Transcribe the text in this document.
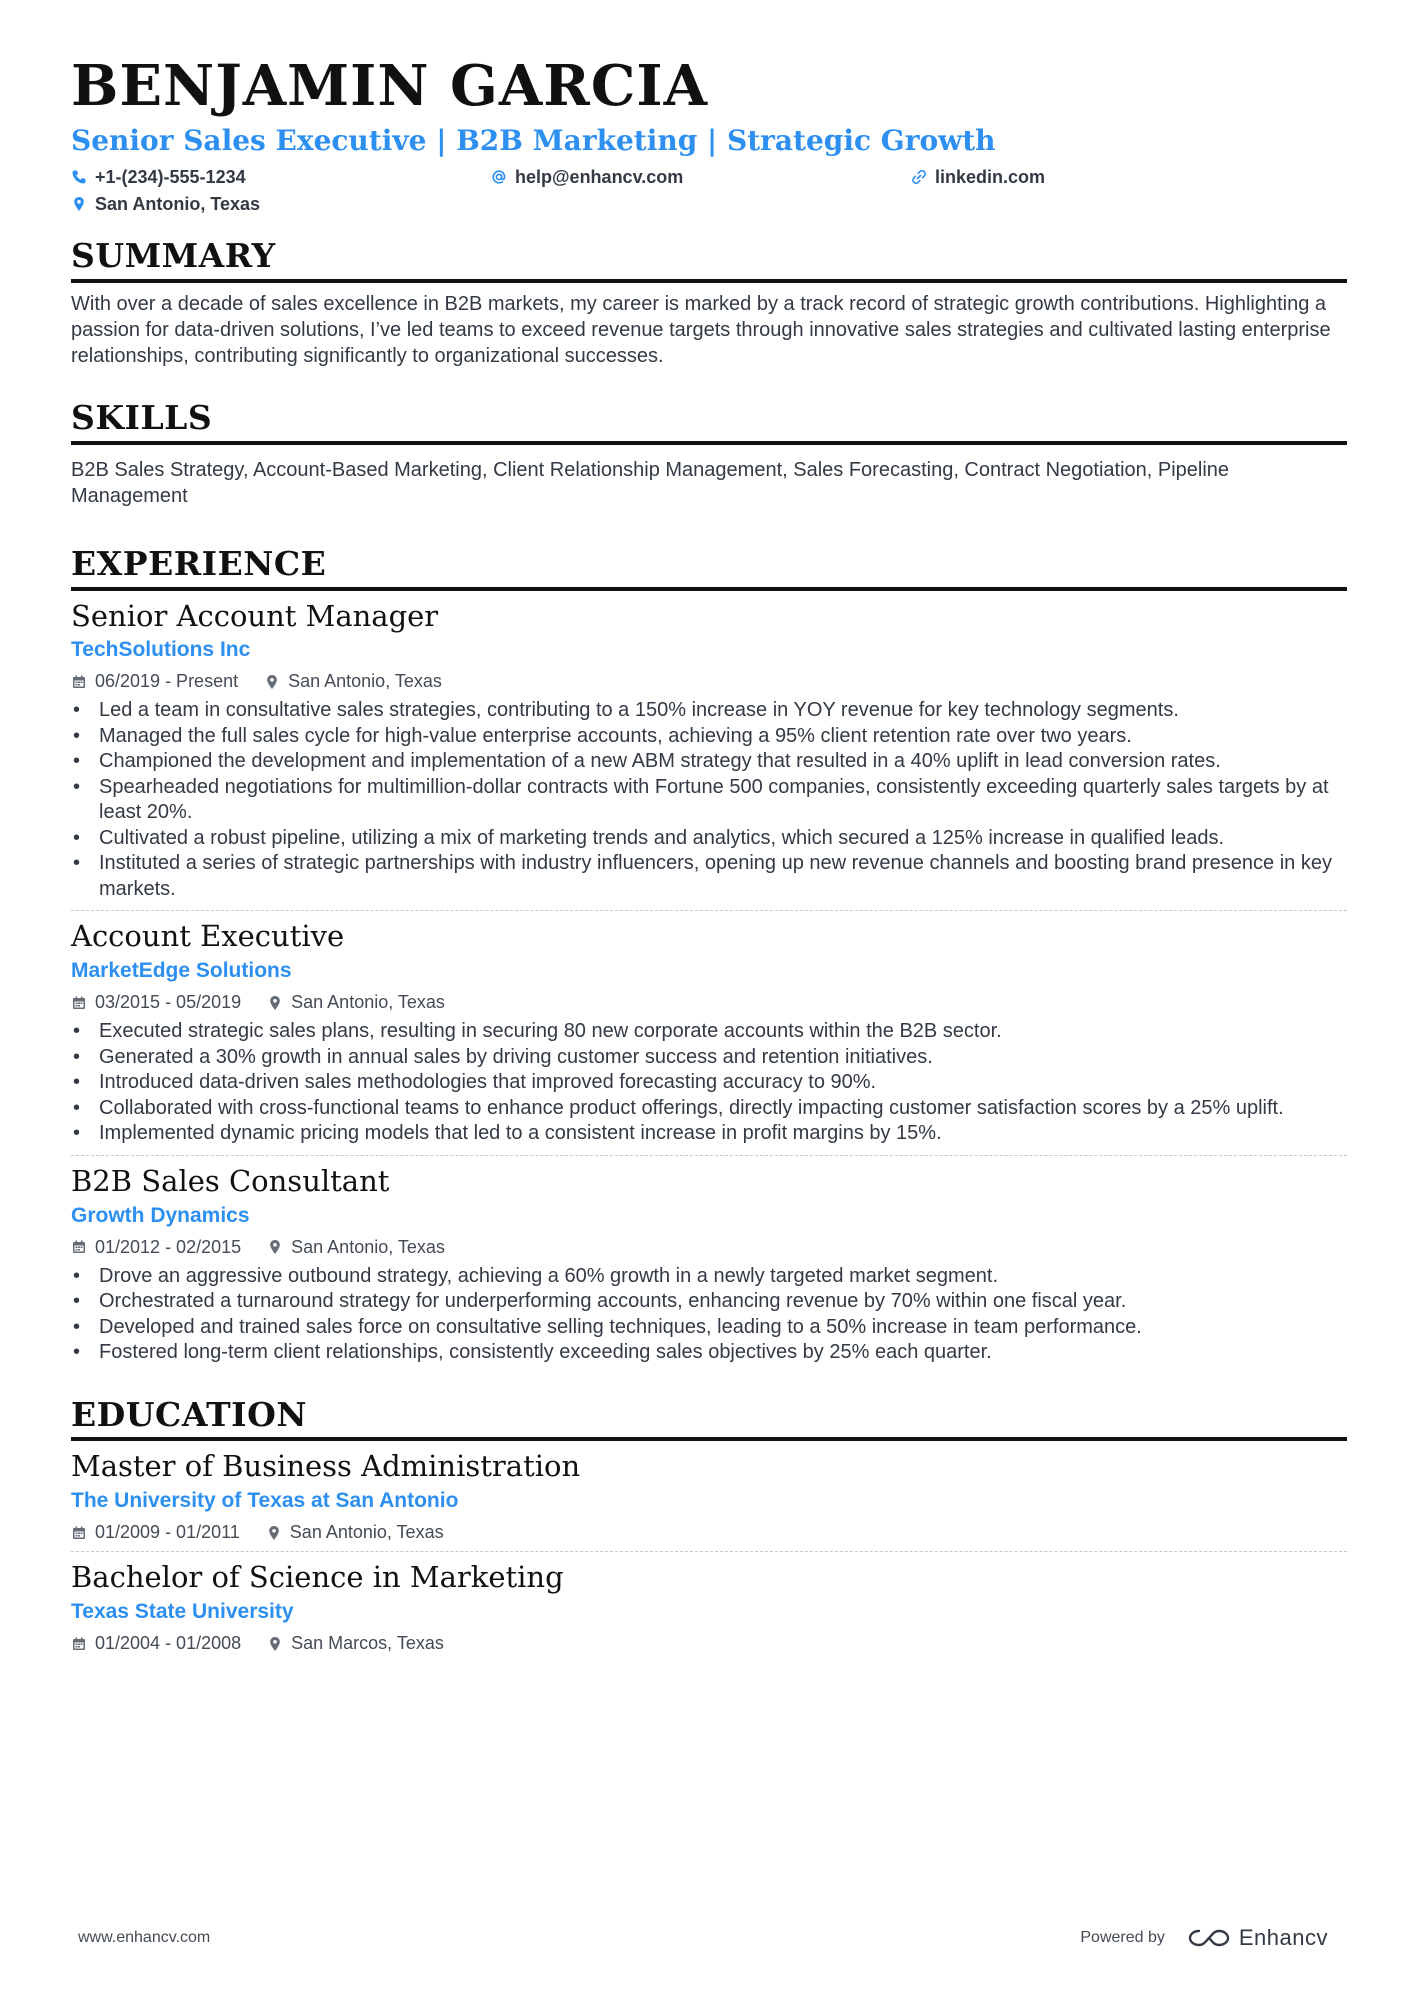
BENJAMIN GARCIA
Senior Sales Executive | B2B Marketing | Strategic Growth
+1-(234)-555-1234	help@enhancv.com	linkedin.com
San Antonio, Texas
SUMMARY
With over a decade of sales excellence in B2B markets, my career is marked by a track record of strategic growth contributions. Highlighting a passion for data-driven solutions, I’ve led teams to exceed revenue targets through innovative sales strategies and cultivated lasting enterprise relationships, contributing significantly to organizational successes.
SKILLS
B2B Sales Strategy, Account-Based Marketing, Client Relationship Management, Sales Forecasting, Contract Negotiation, Pipeline Management
EXPERIENCE
Senior Account Manager
TechSolutions Inc
06/2019 - Present	San Antonio, Texas
• Led a team in consultative sales strategies, contributing to a 150% increase in YOY revenue for key technology segments.
• Managed the full sales cycle for high-value enterprise accounts, achieving a 95% client retention rate over two years.
• Championed the development and implementation of a new ABM strategy that resulted in a 40% uplift in lead conversion rates.
• Spearheaded negotiations for multimillion-dollar contracts with Fortune 500 companies, consistently exceeding quarterly sales targets by at least 20%.
• Cultivated a robust pipeline, utilizing a mix of marketing trends and analytics, which secured a 125% increase in qualified leads.
• Instituted a series of strategic partnerships with industry influencers, opening up new revenue channels and boosting brand presence in key markets.
Account Executive
MarketEdge Solutions
03/2015 - 05/2019	San Antonio, Texas
• Executed strategic sales plans, resulting in securing 80 new corporate accounts within the B2B sector.
• Generated a 30% growth in annual sales by driving customer success and retention initiatives.
• Introduced data-driven sales methodologies that improved forecasting accuracy to 90%.
• Collaborated with cross-functional teams to enhance product offerings, directly impacting customer satisfaction scores by a 25% uplift.
• Implemented dynamic pricing models that led to a consistent increase in profit margins by 15%.
B2B Sales Consultant
Growth Dynamics
01/2012 - 02/2015	San Antonio, Texas
• Drove an aggressive outbound strategy, achieving a 60% growth in a newly targeted market segment.
• Orchestrated a turnaround strategy for underperforming accounts, enhancing revenue by 70% within one fiscal year.
• Developed and trained sales force on consultative selling techniques, leading to a 50% increase in team performance.
• Fostered long-term client relationships, consistently exceeding sales objectives by 25% each quarter.
EDUCATION
Master of Business Administration
The University of Texas at San Antonio
01/2009 - 01/2011	San Antonio, Texas
Bachelor of Science in Marketing
Texas State University
01/2004 - 01/2008	San Marcos, Texas
www.enhancv.com	Powered by	Enhancv
